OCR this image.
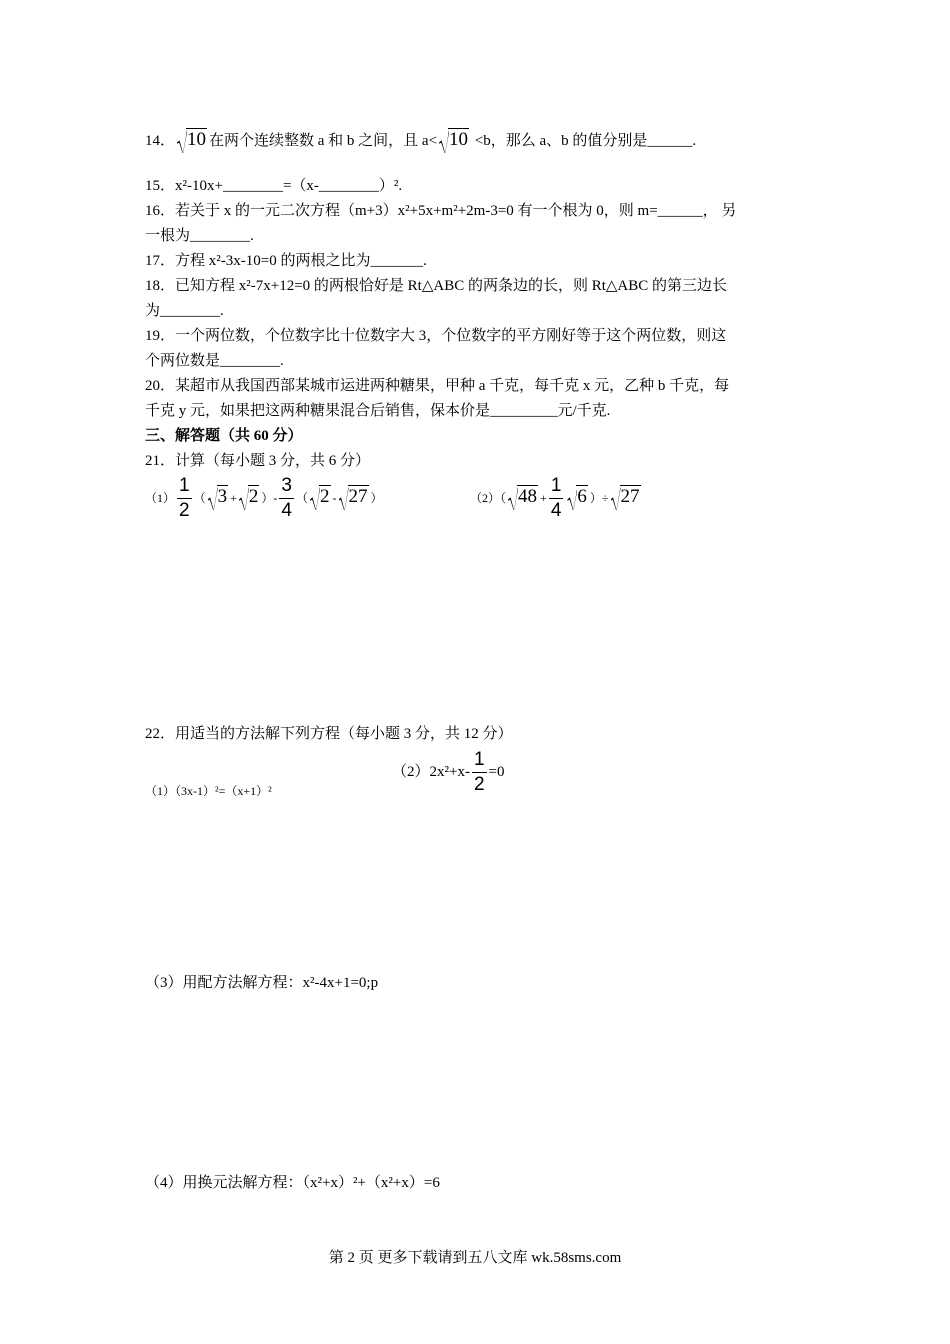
14． 10 在两个连续整数 a 和 b 之间，且 a< 10 <b，那么 a、b 的值分别是______.
15．x²-10x+________=（x-________）².
16．若关于 x 的一元二次方程（m+3）x²+5x+m²+2m-3=0 有一个根为 0，则 m=______， 另
一根为________.
17．方程 x²-3x-10=0 的两根之比为_______.
18．已知方程 x²-7x+12=0 的两根恰好是 Rt△ABC 的两条边的长，则 Rt△ABC 的第三边长
为________.
19．一个两位数，个位数字比十位数字大 3，个位数字的平方刚好等于这个两位数，则这
个两位数是________.
20．某超市从我国西部某城市运进两种糖果，甲种 a 千克，每千克 x 元，乙种 b 千克，每
千克 y 元，如果把这两种糖果混合后销售，保本价是_________元/千克.
三、解答题（共 60 分）
21．计算（每小题 3 分，共 6 分）
$(1) \frac{1}{2}$ （ 3 + 2 ）- $\frac{3}{4}$ （ 2 - 27 ）	（2）（ $48 + \frac{1}{4} 6$ ）÷ 27
22．用适当的方法解下列方程（每小题 3 分，共 12 分）
（1）（3x-1）²=（x+1）²
$(2)2x^2+x- \frac{1}{2} =0$
（3）用配方法解方程：x²-4x+1=0;p
（4）用换元法解方程：（x²+x）²+（x²+x）=6
第 2 页 更多下载请到五八文库 wk.58sms.com
